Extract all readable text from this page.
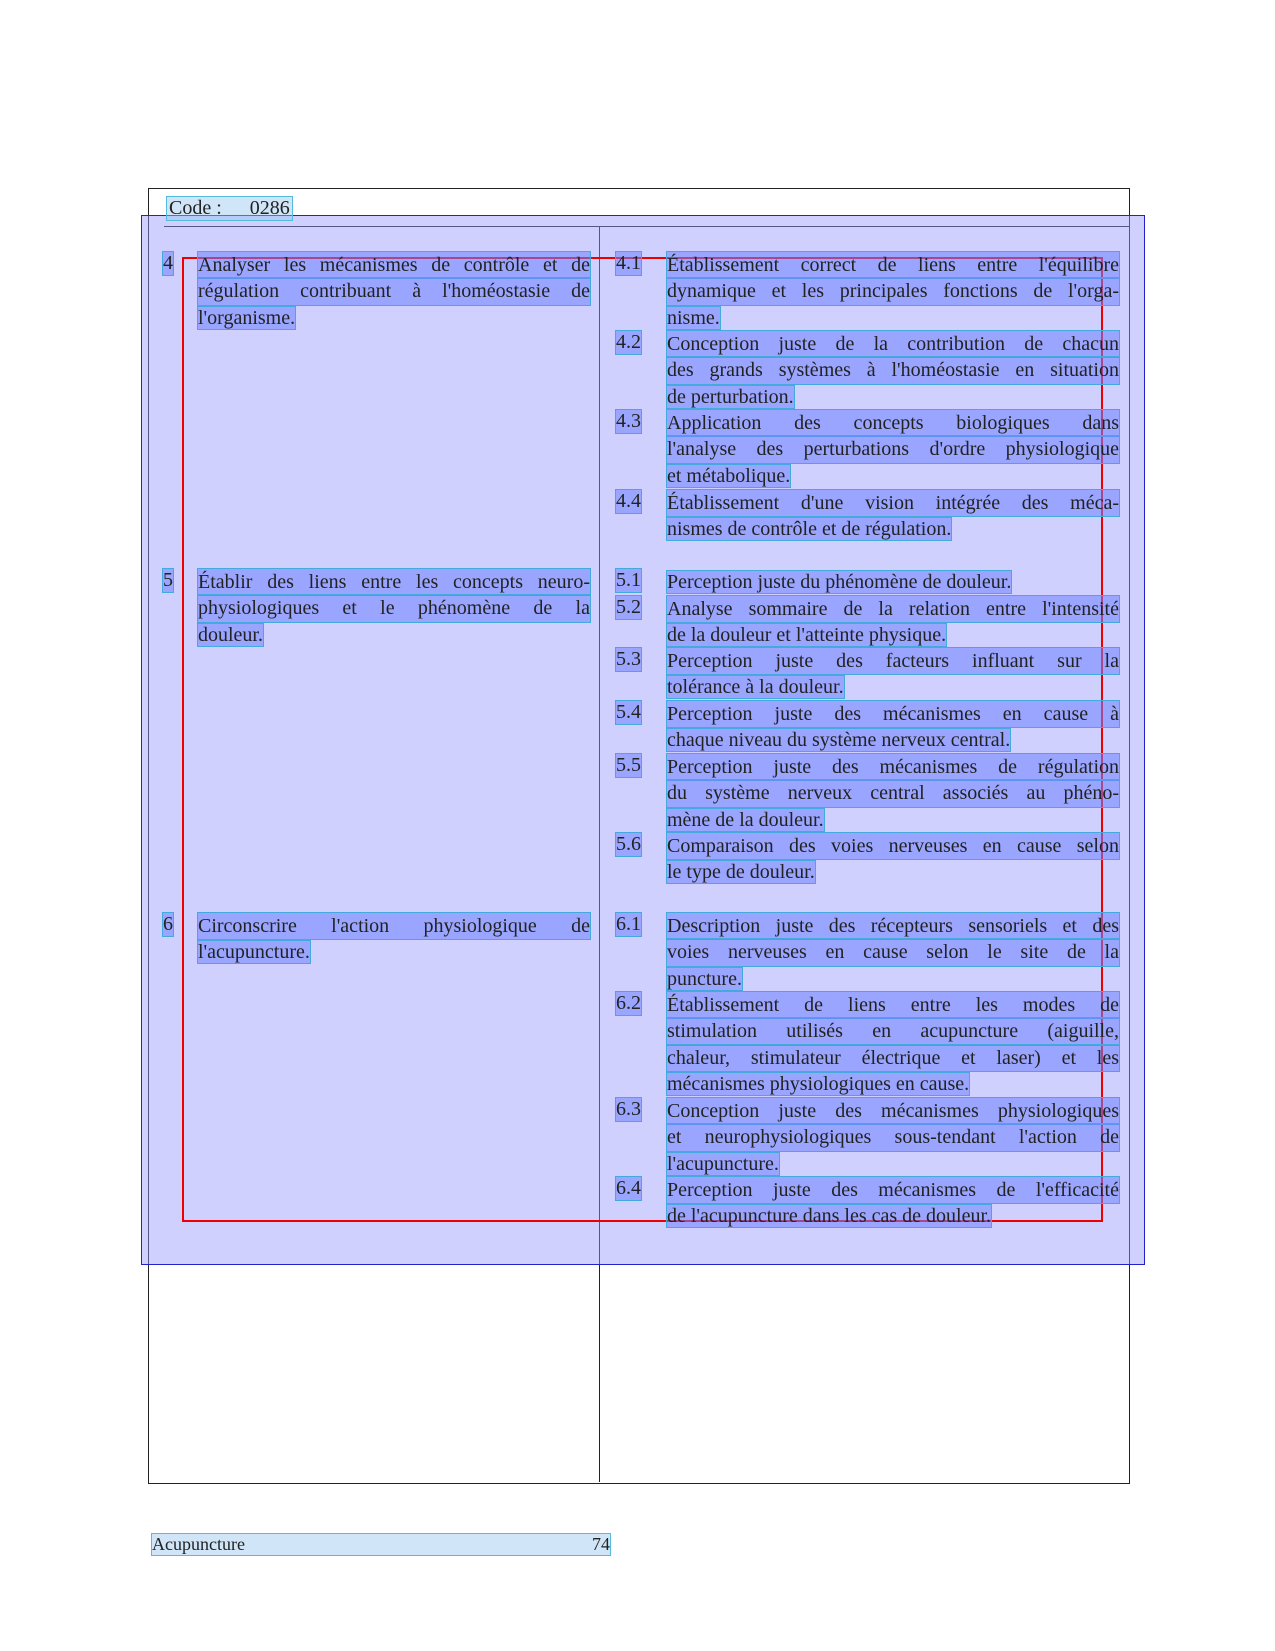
Code : 0286
4 Analyser les mécanismes de contrôle et de
régulation contribuant à l'homéostasie de
l'organisme.
5 Établir des liens entre les concepts neuro-
physiologiques et le phénomène de la
douleur.
6 Circonscrire l'action physiologique de
l'acupuncture.
4.1 Établissement correct de liens entre l'équilibre
dynamique et les principales fonctions de l'orga-
nisme.
4.2 Conception juste de la contribution de chacun
des grands systèmes à l'homéostasie en situation
de perturbation.
4.3 Application des concepts biologiques dans
l'analyse des perturbations d'ordre physiologique
et métabolique.
4.4 Établissement d'une vision intégrée des méca-
nismes de contrôle et de régulation.
5.1 Perception juste du phénomène de douleur.
5.2 Analyse sommaire de la relation entre l'intensité
de la douleur et l'atteinte physique.
5.3 Perception juste des facteurs influant sur la
tolérance à la douleur.
5.4 Perception juste des mécanismes en cause à
chaque niveau du système nerveux central.
5.5 Perception juste des mécanismes de régulation
du système nerveux central associés au phéno-
mène de la douleur.
5.6 Comparaison des voies nerveuses en cause selon
le type de douleur.
6.1 Description juste des récepteurs sensoriels et des
voies nerveuses en cause selon le site de la
puncture.
6.2 Établissement de liens entre les modes de
stimulation utilisés en acupuncture (aiguille,
chaleur, stimulateur électrique et laser) et les
mécanismes physiologiques en cause.
6.3 Conception juste des mécanismes physiologiques
et neurophysiologiques sous-tendant l'action de
l'acupuncture.
6.4 Perception juste des mécanismes de l'efficacité
de l'acupuncture dans les cas de douleur.
Acupuncture	74
